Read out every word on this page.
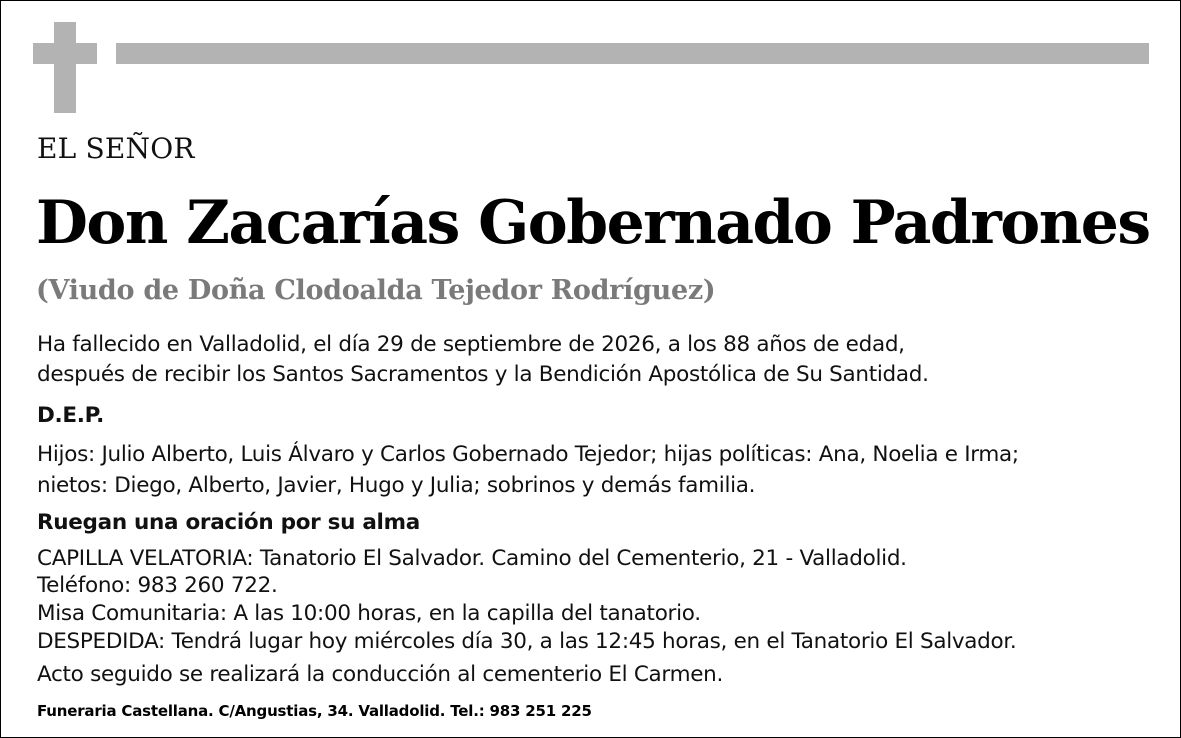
EL SEÑOR
Don Zacarías Gobernado Padrones
(Viudo de Doña Clodoalda Tejedor Rodríguez)
Ha fallecido en Valladolid, el día 29 de septiembre de 2026, a los 88 años de edad,
después de recibir los Santos Sacramentos y la Bendición Apostólica de Su Santidad.
D.E.P.
Hijos: Julio Alberto, Luis Álvaro y Carlos Gobernado Tejedor; hijas políticas: Ana, Noelia e Irma;
nietos: Diego, Alberto, Javier, Hugo y Julia; sobrinos y demás familia.
Ruegan una oración por su alma
CAPILLA VELATORIA: Tanatorio El Salvador. Camino del Cementerio, 21 - Valladolid.
Teléfono: 983 260 722.
Misa Comunitaria: A las 10:00 horas, en la capilla del tanatorio.
DESPEDIDA: Tendrá lugar hoy miércoles día 30, a las 12:45 horas, en el Tanatorio El Salvador.
Acto seguido se realizará la conducción al cementerio El Carmen.
Funeraria Castellana. C/Angustias, 34. Valladolid. Tel.: 983 251 225
